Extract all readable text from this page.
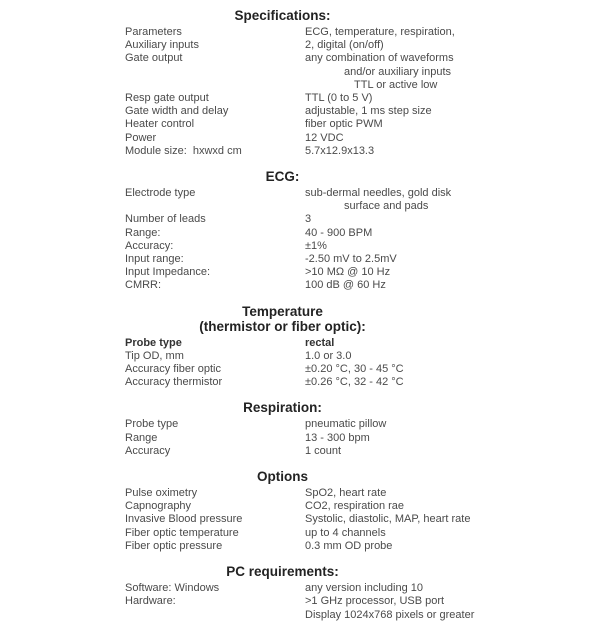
Specifications:
Parameters	ECG, temperature, respiration,
Auxiliary inputs	2, digital (on/off)
Gate output	any combination of waveforms
and/or auxiliary inputs
TTL or active low
Resp gate output	TTL (0 to 5 V)
Gate width and delay	adjustable, 1 ms step size
Heater control	fiber optic PWM
Power	12 VDC
Module size:  hxwxd cm	5.7x12.9x13.3
ECG:
Electrode type	sub-dermal needles, gold disk
surface and pads
Number of leads	3
Range:	40 - 900 BPM
Accuracy:	±1%
Input range:	-2.50 mV to 2.5mV
Input Impedance:	>10 MΩ @ 10 Hz
CMRR:	100 dB @ 60 Hz
Temperature
(thermistor or fiber optic):
Probe type	rectal
Tip OD, mm	1.0 or 3.0
Accuracy fiber optic	±0.20 °C, 30 - 45 °C
Accuracy thermistor	±0.26 °C, 32 - 42 °C
Respiration:
Probe type	pneumatic pillow
Range	13 - 300 bpm
Accuracy	1 count
Options
Pulse oximetry	SpO2, heart rate
Capnography	CO2, respiration rae
Invasive Blood pressure	Systolic, diastolic, MAP, heart rate
Fiber optic temperature	up to 4 channels
Fiber optic pressure	0.3 mm OD probe
PC requirements:
Software: Windows	any version including 10
Hardware:	>1 GHz processor, USB port
Display 1024x768 pixels or greater
